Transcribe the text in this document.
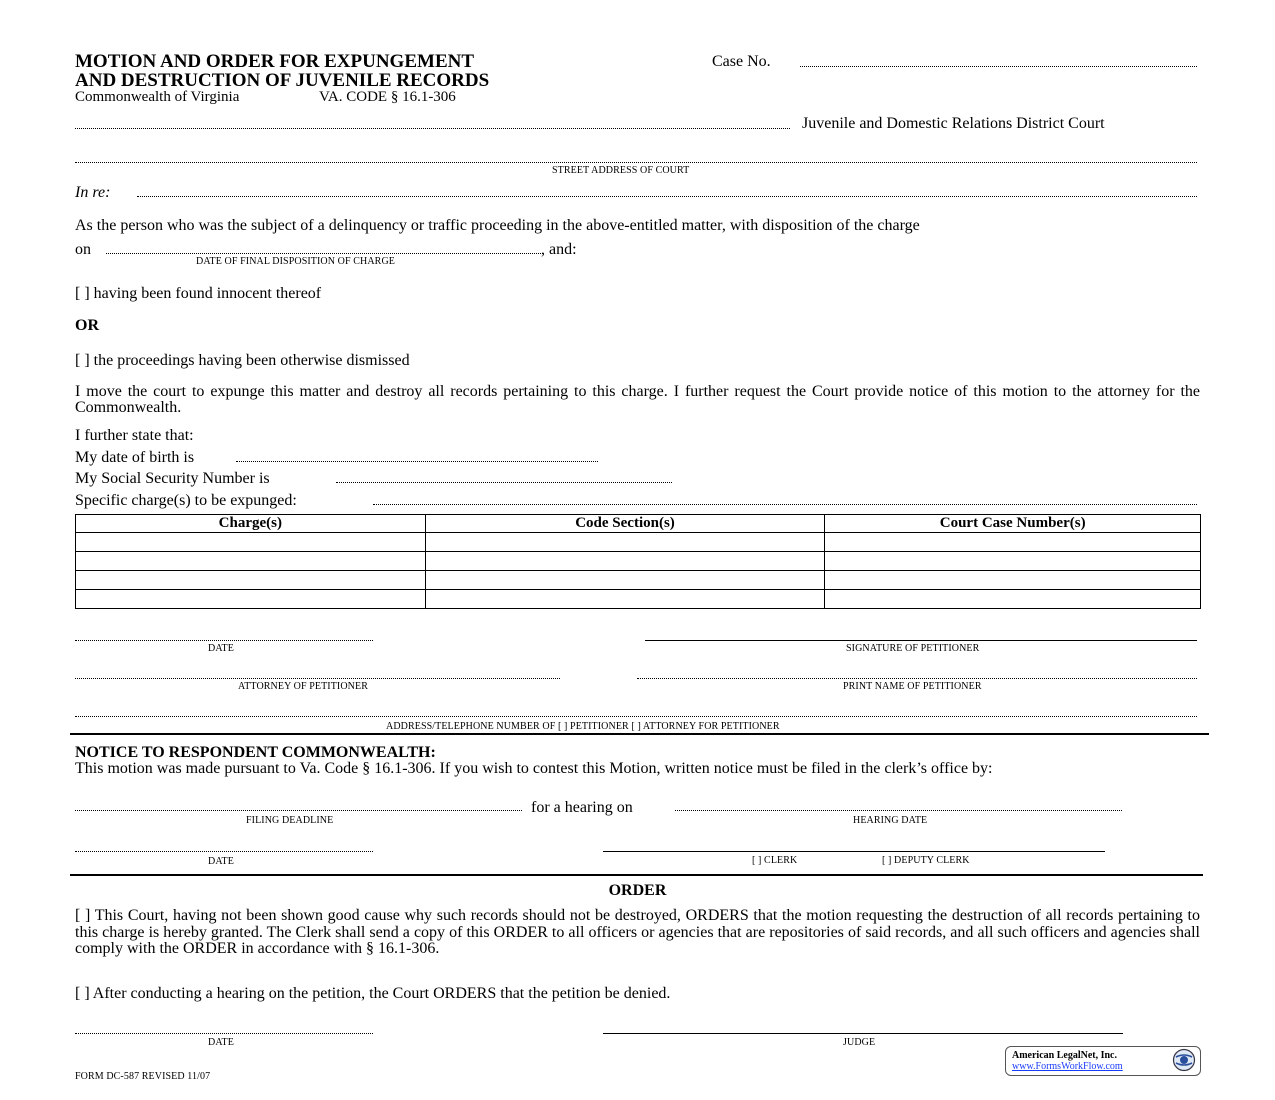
MOTION AND ORDER FOR EXPUNGEMENT
AND DESTRUCTION OF JUVENILE RECORDS
Commonwealth of Virginia	VA. CODE § 16.1-306
Case No.
Juvenile and Domestic Relations District Court
STREET ADDRESS OF COURT
In re:
As the person who was the subject of a delinquency or traffic proceeding in the above-entitled matter, with disposition of the charge
on	, and:
DATE OF FINAL DISPOSITION OF CHARGE
[ ] having been found innocent thereof
OR
[ ] the proceedings having been otherwise dismissed
I move the court to expunge this matter and destroy all records pertaining to this charge. I further request the Court provide notice of this motion to the attorney for the Commonwealth.
I further state that:
My date of birth is
My Social Security Number is
Specific charge(s) to be expunged:
Charge(s)	Code Section(s)	Court Case Number(s)

DATE	SIGNATURE OF PETITIONER
ATTORNEY OF PETITIONER	PRINT NAME OF PETITIONER
ADDRESS/TELEPHONE NUMBER OF [ ] PETITIONER [ ] ATTORNEY FOR PETITIONER
NOTICE TO RESPONDENT COMMONWEALTH:
This motion was made pursuant to Va. Code § 16.1-306. If you wish to contest this Motion, written notice must be filed in the clerk’s office by:
for a hearing on
FILING DEADLINE	HEARING DATE
DATE	[ ] CLERK	[ ] DEPUTY CLERK
ORDER
[ ] This Court, having not been shown good cause why such records should not be destroyed, ORDERS that the motion requesting the destruction of all records pertaining to this charge is hereby granted. The Clerk shall send a copy of this ORDER to all officers or agencies that are repositories of said records, and all such officers and agencies shall comply with the ORDER in accordance with § 16.1-306.
[ ] After conducting a hearing on the petition, the Court ORDERS that the petition be denied.
DATE	JUDGE
FORM DC-587 REVISED 11/07
American LegalNet, Inc.
www.FormsWorkFlow.com
